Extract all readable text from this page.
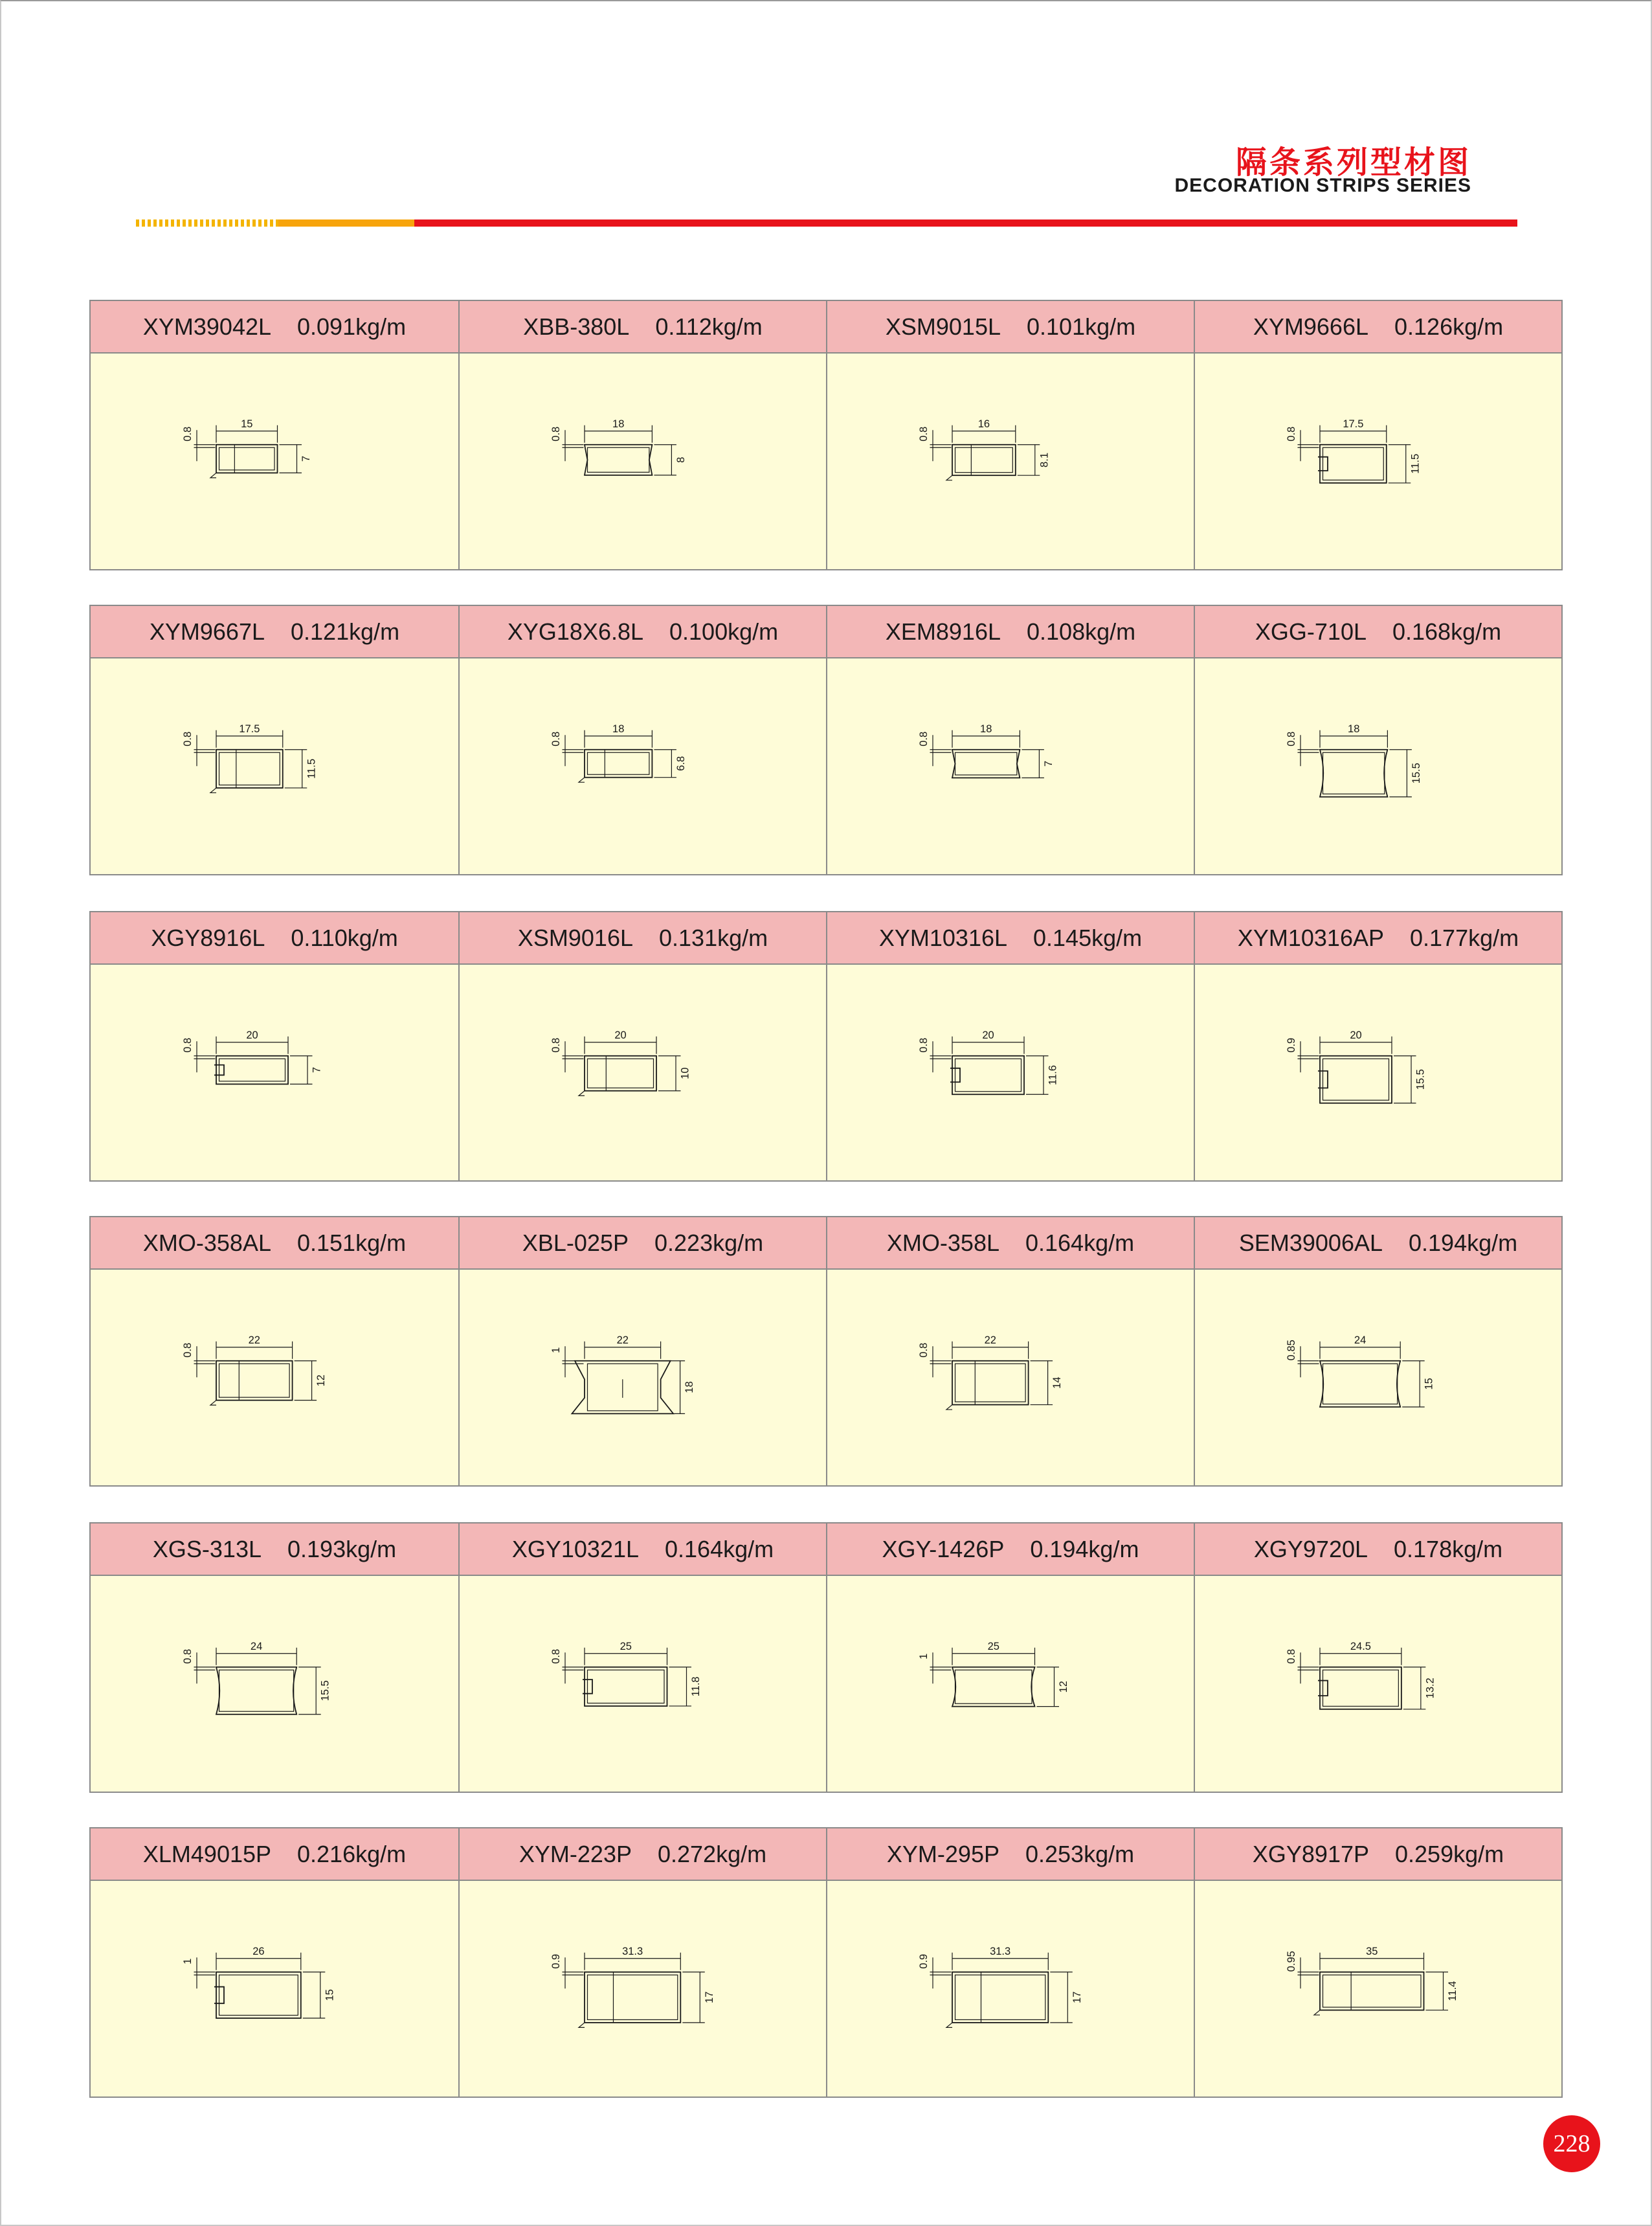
隔条系列型材图
DECORATION STRIPS SERIES
XYM39042L 0.091kg/m
15
7
0.8
XBB-380L 0.112kg/m
18
8
0.8
XSM9015L 0.101kg/m
16
8.1
0.8
XYM9666L 0.126kg/m
17.5
11.5
0.8
XYM9667L 0.121kg/m
17.5
11.5
0.8
XYG18X6.8L 0.100kg/m
18
6.8
0.8
XEM8916L 0.108kg/m
18
7
0.8
XGG-710L 0.168kg/m
18
15.5
0.8
XGY8916L 0.110kg/m
20
7
0.8
XSM9016L 0.131kg/m
20
10
0.8
XYM10316L 0.145kg/m
20
11.6
0.8
XYM10316AP 0.177kg/m
20
15.5
0.9
XMO-358AL 0.151kg/m
22
12
0.8
XBL-025P 0.223kg/m
22
18
1
XMO-358L 0.164kg/m
22
14
0.8
SEM39006AL 0.194kg/m
24
15
0.85
XGS-313L 0.193kg/m
24
15.5
0.8
XGY10321L 0.164kg/m
25
11.8
0.8
XGY-1426P 0.194kg/m
25
12
1
XGY9720L 0.178kg/m
24.5
13.2
0.8
XLM49015P 0.216kg/m
26
15
1
XYM-223P 0.272kg/m
31.3
17
0.9
XYM-295P 0.253kg/m
31.3
17
0.9
XGY8917P 0.259kg/m
35
11.4
0.95
228
